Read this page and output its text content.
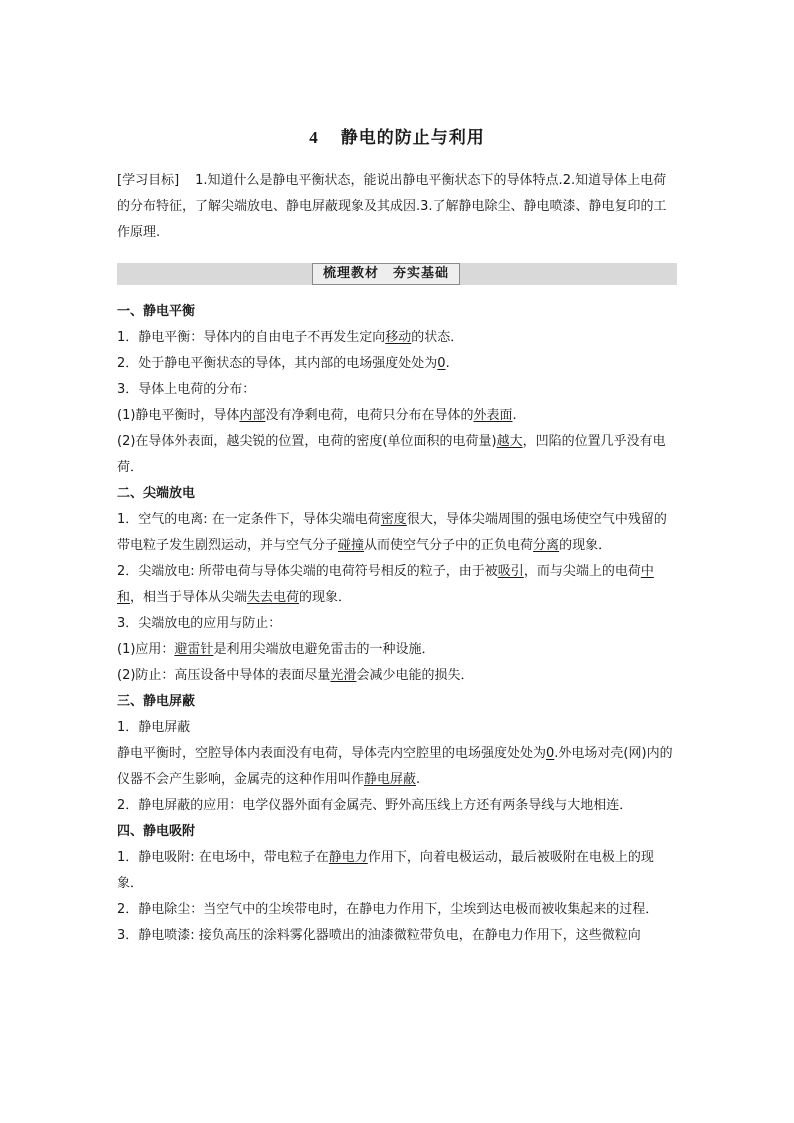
4 静电的防止与利用
[学习目标] 1.知道什么是静电平衡状态，能说出静电平衡状态下的导体特点.2.知道导体上电荷的分布特征，了解尖端放电、静电屏蔽现象及其成因.3.了解静电除尘、静电喷漆、静电复印的工作原理.
梳理教材 夯实基础

一、静电平衡

1．静电平衡：导体内的自由电子不再发生定向移动的状态．

2．处于静电平衡状态的导体，其内部的电场强度处处为0.

3．导体上电荷的分布：

(1)静电平衡时，导体内部没有净剩电荷，电荷只分布在导体的外表面.

(2)在导体外表面，越尖锐的位置，电荷的密度(单位面积的电荷量)越大，凹陷的位置几乎没有电荷．

二、尖端放电

1．空气的电离: 在一定条件下，导体尖端电荷密度很大，导体尖端周围的强电场使空气中残留的带电粒子发生剧烈运动，并与空气分子碰撞从而使空气分子中的正负电荷分离的现象．

2．尖端放电: 所带电荷与导体尖端的电荷符号相反的粒子，由于被吸引，而与尖端上的电荷中和，相当于导体从尖端失去电荷的现象．

3．尖端放电的应用与防止：

(1)应用：避雷针是利用尖端放电避免雷击的一种设施．

(2)防止：高压设备中导体的表面尽量光滑会减少电能的损失．

三、静电屏蔽

1．静电屏蔽

静电平衡时，空腔导体内表面没有电荷，导体壳内空腔里的电场强度处处为0.外电场对壳(网)内的仪器不会产生影响，金属壳的这种作用叫作静电屏蔽.

2．静电屏蔽的应用：电学仪器外面有金属壳、野外高压线上方还有两条导线与大地相连．

四、静电吸附

1．静电吸附: 在电场中，带电粒子在静电力作用下，向着电极运动，最后被吸附在电极上的现象．

2．静电除尘：当空气中的尘埃带电时，在静电力作用下，尘埃到达电极而被收集起来的过程．

3．静电喷漆: 接负高压的涂料雾化器喷出的油漆微粒带负电，在静电力作用下，这些微粒向
